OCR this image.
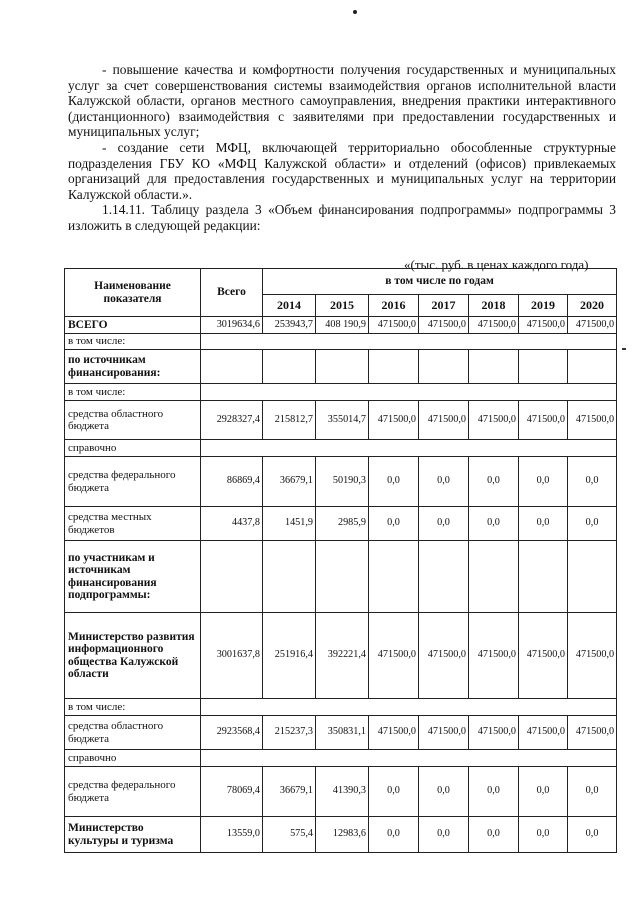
- повышение качества и комфортности получения государственных и муниципальных услуг за счет совершенствования системы взаимодействия органов исполнительной власти Калужской области, органов местного самоуправления, внедрения практики интерактивного (дистанционного) взаимодействия с заявителями при предоставлении государственных и муниципальных услуг;

- создание сети МФЦ, включающей территориально обособленные структурные подразделения ГБУ КО «МФЦ Калужской области» и отделений (офисов) привлекаемых организаций для предоставления государственных и муниципальных услуг на территории Калужской области.».

1.14.11. Таблицу раздела 3 «Объем финансирования подпрограммы» подпрограммы 3 изложить в следующей редакции:

«(тыс. руб. в ценах каждого года)
Наименование показателя	Всего	в том числе по годам						
		2014	2015	2016	2017	2018	2019	2020
ВСЕГО	3019634,6	253943,7	408 190,9	471500,0	471500,0	471500,0	471500,0	471500,0
в том числе:								
по источникам финансирования:								
в том числе:								
средства областного бюджета	2928327,4	215812,7	355014,7	471500,0	471500,0	471500,0	471500,0	471500,0
справочно								
средства федерального бюджета	86869,4	36679,1	50190,3	0,0	0,0	0,0	0,0	0,0
средства местных бюджетов	4437,8	1451,9	2985,9	0,0	0,0	0,0	0,0	0,0
по участникам и источникам финансирования подпрограммы:								
Министерство развития информационного общества Калужской области	3001637,8	251916,4	392221,4	471500,0	471500,0	471500,0	471500,0	471500,0
в том числе:								
средства областного бюджета	2923568,4	215237,3	350831,1	471500,0	471500,0	471500,0	471500,0	471500,0
справочно								
средства федерального бюджета	78069,4	36679,1	41390,3	0,0	0,0	0,0	0,0	0,0
Министерство культуры и туризма	13559,0	575,4	12983,6	0,0	0,0	0,0	0,0	0,0
